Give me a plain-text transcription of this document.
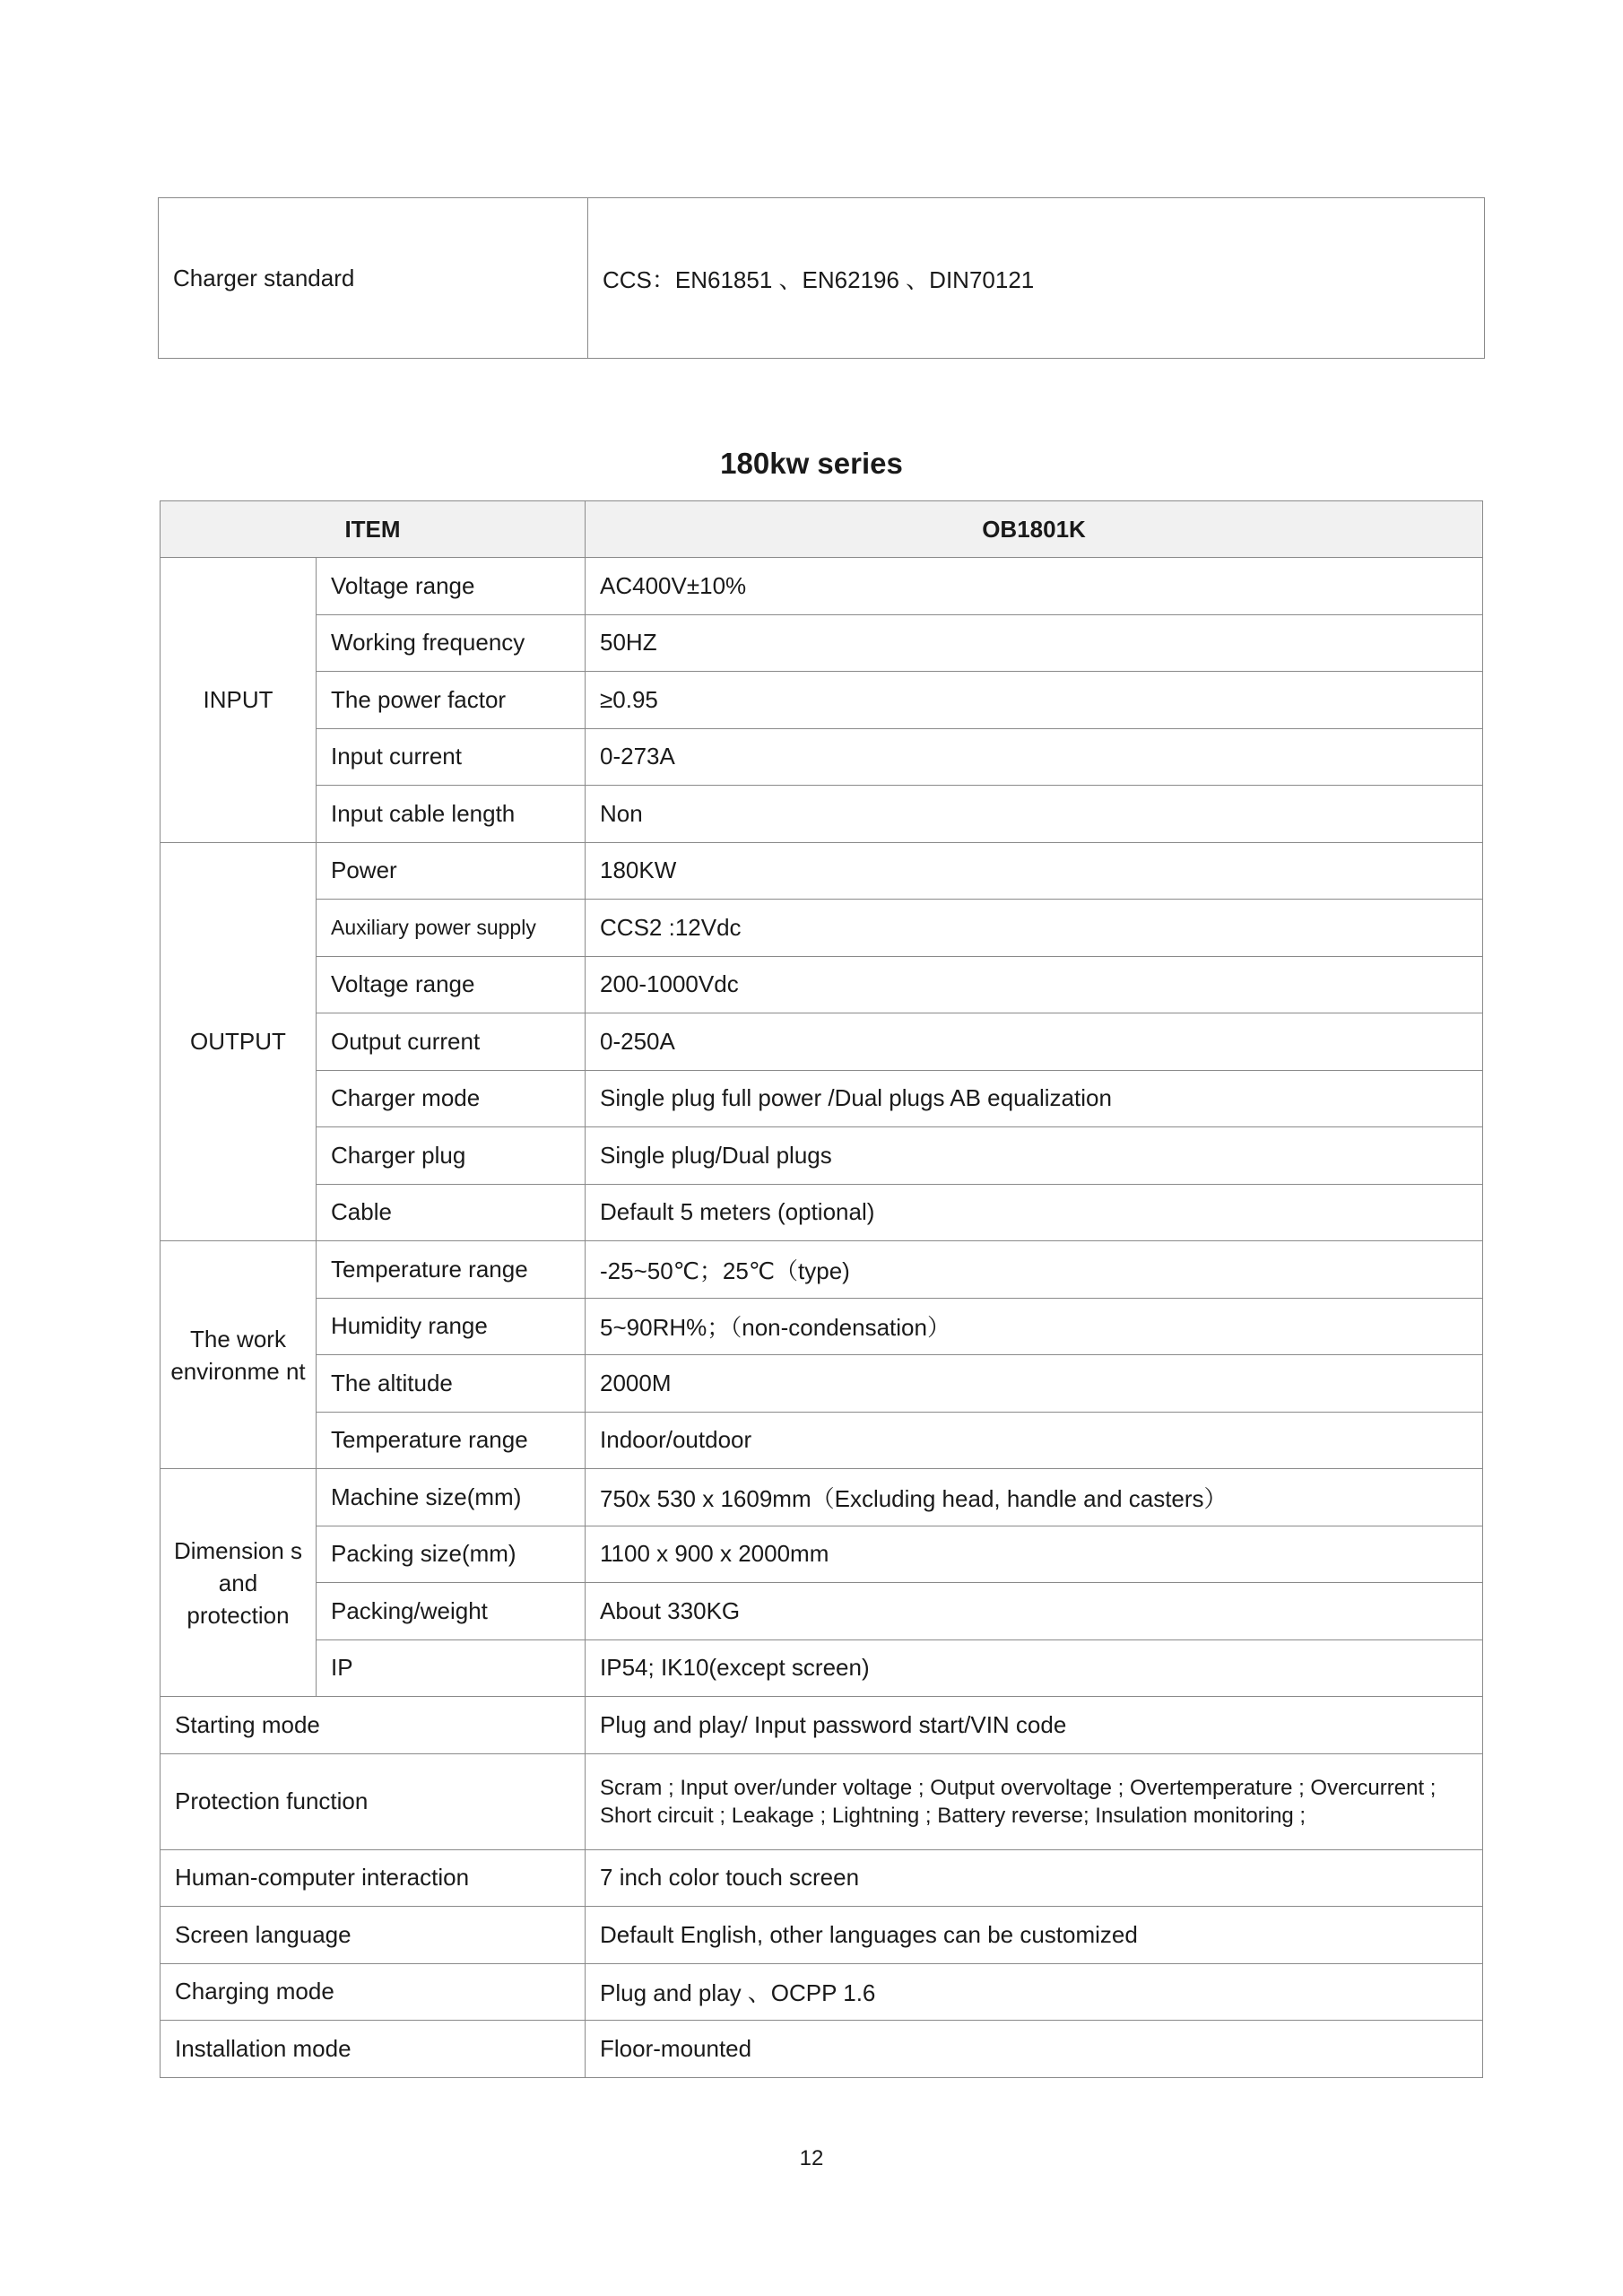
Charger standard	CCS：EN61851 、EN62196 、DIN70121
180kw series
ITEM		OB1801K
INPUT	Voltage range	AC400V±10%
	Working frequency	50HZ
	The power factor	≥0.95
	Input current	0-273A
	Input cable length	Non
OUTPUT	Power	180KW
	Auxiliary power supply	CCS2 :12Vdc
	Voltage range	200-1000Vdc
	Output current	0-250A
	Charger mode	Single plug full power /Dual plugs AB equalization
	Charger plug	Single plug/Dual plugs
	Cable	Default 5 meters (optional)
The work environme nt	Temperature range	-25~50℃；25℃（type)
	Humidity range	5~90RH%；（non-condensation）
	The altitude	2000M
	Temperature range	Indoor/outdoor
Dimension s and protection	Machine size(mm)	750x 530 x 1609mm（Excluding head, handle and casters）
	Packing size(mm)	1100 x 900 x 2000mm
	Packing/weight	About 330KG
	IP	IP54; IK10(except screen)
Starting mode		Plug and play/ Input password start/VIN code
Protection function		Scram ; Input over/under voltage ; Output overvoltage ; Overtemperature ; Overcurrent ; Short circuit ; Leakage ; Lightning ; Battery reverse; Insulation monitoring ;
Human-computer interaction		7 inch color touch screen
Screen language		Default English, other languages can be customized
Charging mode		Plug and play 、OCPP 1.6
Installation mode		Floor-mounted
12
